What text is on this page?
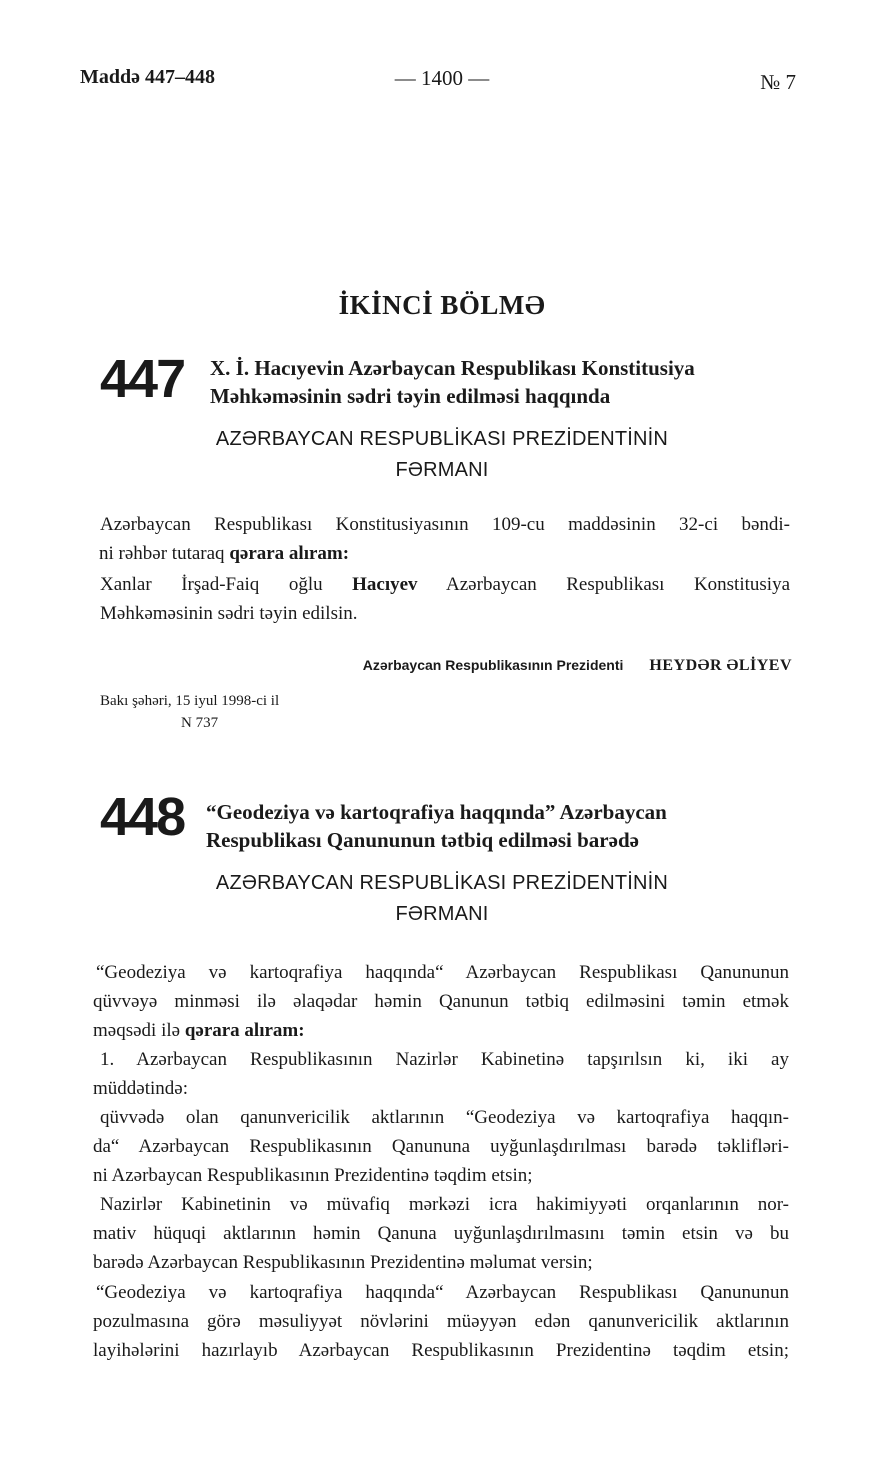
Maddə 447–448	— 1400 —	№ 7
İKİNCİ BÖLMƏ
447 X. İ. Hacıyevin Azərbaycan Respublikası Konstitusiya
Məhkəməsinin sədri təyin edilməsi haqqında
AZƏRBAYCAN RESPUBLİKASI PREZİDENTİNİN
FƏRMANI
Azərbaycan Respublikası Konstitusiyasının 109-cu maddəsinin 32-ci bəndi-
ni rəhbər tutaraq qərara alıram:
Xanlar İrşad-Faiq oğlu Hacıyev Azərbaycan Respublikası Konstitusiya
Məhkəməsinin sədri təyin edilsin.
Azərbaycan Respublikasının Prezidenti HEYDƏR ƏLİYEV
Bakı şəhəri, 15 iyul 1998-ci il
N 737
448 “Geodeziya və kartoqrafiya haqqında” Azərbaycan
Respublikası Qanununun tətbiq edilməsi barədə
AZƏRBAYCAN RESPUBLİKASI PREZİDENTİNİN
FƏRMANI
“Geodeziya və kartoqrafiya haqqında“ Azərbaycan Respublikası Qanununun
qüvvəyə minməsi ilə əlaqədar həmin Qanunun tətbiq edilməsini təmin etmək
məqsədi ilə qərara alıram:
1. Azərbaycan Respublikasının Nazirlər Kabinetinə tapşırılsın ki, iki ay
müddətində:
qüvvədə olan qanunvericilik aktlarının “Geodeziya və kartoqrafiya haqqın-
da“ Azərbaycan Respublikasının Qanununa uyğunlaşdırılması barədə təklifləri-
ni Azərbaycan Respublikasının Prezidentinə təqdim etsin;
Nazirlər Kabinetinin və müvafiq mərkəzi icra hakimiyyəti orqanlarının nor-
mativ hüquqi aktlarının həmin Qanuna uyğunlaşdırılmasını təmin etsin və bu
barədə Azərbaycan Respublikasının Prezidentinə məlumat versin;
“Geodeziya və kartoqrafiya haqqında“ Azərbaycan Respublikası Qanununun
pozulmasına görə məsuliyyət növlərini müəyyən edən qanunvericilik aktlarının
layihələrini hazırlayıb Azərbaycan Respublikasının Prezidentinə təqdim etsin;
